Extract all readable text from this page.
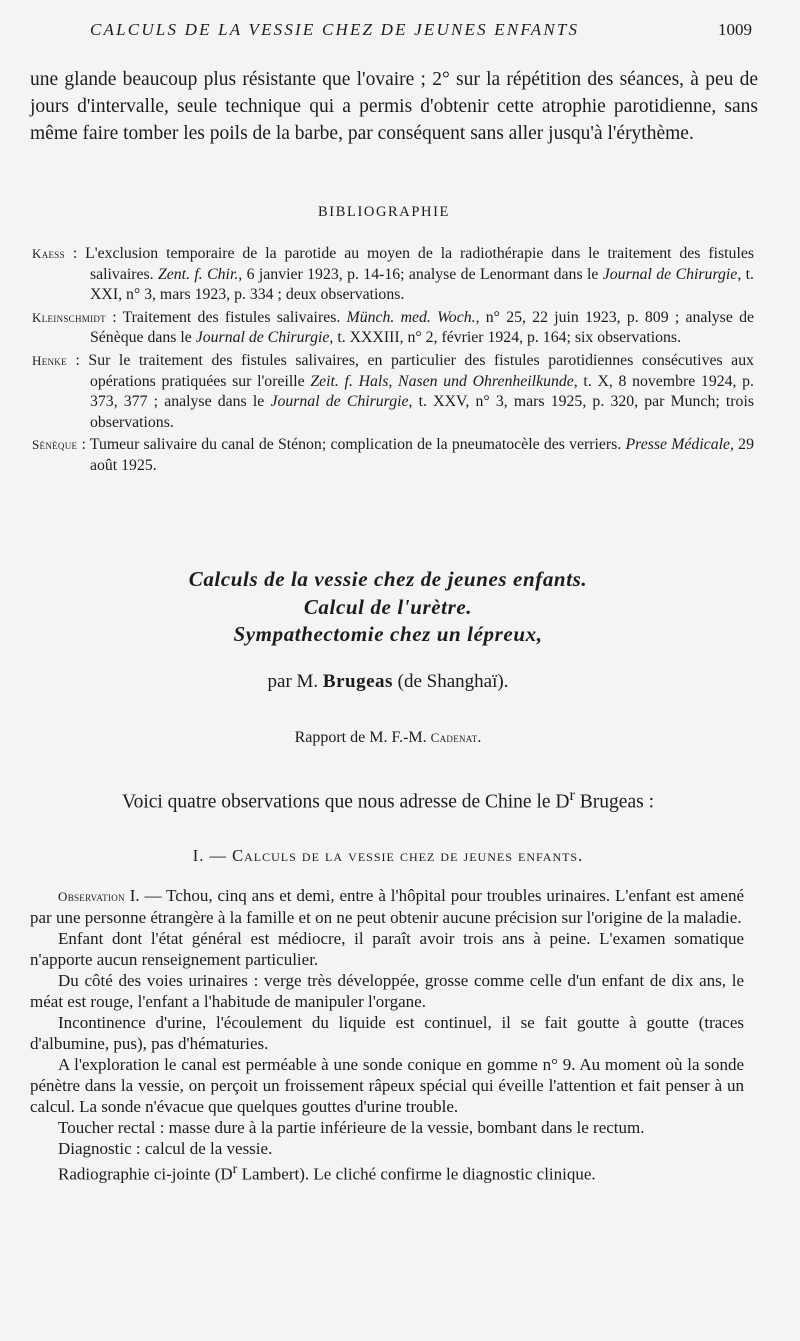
CALCULS DE LA VESSIE CHEZ DE JEUNES ENFANTS	1009

une glande beaucoup plus résistante que l'ovaire ; 2° sur la répétition des séances, à peu de jours d'intervalle, seule technique qui a permis d'obtenir cette atrophie parotidienne, sans même faire tomber les poils de la barbe, par conséquent sans aller jusqu'à l'érythème.

BIBLIOGRAPHIE

Kaess : L'exclusion temporaire de la parotide au moyen de la radiothérapie dans le traitement des fistules salivaires. Zent. f. Chir., 6 janvier 1923, p. 14-16; analyse de Lenormant dans le Journal de Chirurgie, t. XXI, n° 3, mars 1923, p. 334 ; deux observations.

Kleinschmidt : Traitement des fistules salivaires. Münch. med. Woch., n° 25, 22 juin 1923, p. 809 ; analyse de Sénèque dans le Journal de Chirurgie, t. XXXIII, n° 2, février 1924, p. 164; six observations.

Henke : Sur le traitement des fistules salivaires, en particulier des fistules parotidiennes consécutives aux opérations pratiquées sur l'oreille Zeit. f. Hals, Nasen und Ohrenheilkunde, t. X, 8 novembre 1924, p. 373, 377 ; analyse dans le Journal de Chirurgie, t. XXV, n° 3, mars 1925, p. 320, par Munch; trois observations.

Sénèque : Tumeur salivaire du canal de Sténon; complication de la pneumatocèle des verriers. Presse Médicale, 29 août 1925.

Calculs de la vessie chez de jeunes enfants.
Calcul de l'urètre.
Sympathectomie chez un lépreux,
par M. Brugeas (de Shanghaï).
Rapport de M. F.-M. Cadenat.
Voici quatre observations que nous adresse de Chine le $D^r$ Brugeas :
I. — Calculs de la vessie chez de jeunes enfants.

Observation I. — Tchou, cinq ans et demi, entre à l'hôpital pour troubles urinaires. L'enfant est amené par une personne étrangère à la famille et on ne peut obtenir aucune précision sur l'origine de la maladie.

Enfant dont l'état général est médiocre, il paraît avoir trois ans à peine. L'examen somatique n'apporte aucun renseignement particulier.

Du côté des voies urinaires : verge très développée, grosse comme celle d'un enfant de dix ans, le méat est rouge, l'enfant a l'habitude de manipuler l'organe.

Incontinence d'urine, l'écoulement du liquide est continuel, il se fait goutte à goutte (traces d'albumine, pus), pas d'hématuries.

A l'exploration le canal est perméable à une sonde conique en gomme n° 9. Au moment où la sonde pénètre dans la vessie, on perçoit un froissement râpeux spécial qui éveille l'attention et fait penser à un calcul. La sonde n'évacue que quelques gouttes d'urine trouble.

Toucher rectal : masse dure à la partie inférieure de la vessie, bombant dans le rectum.

Diagnostic : calcul de la vessie.

Radiographie ci-jointe ($D^r$ Lambert). Le cliché confirme le diagnostic clinique.
